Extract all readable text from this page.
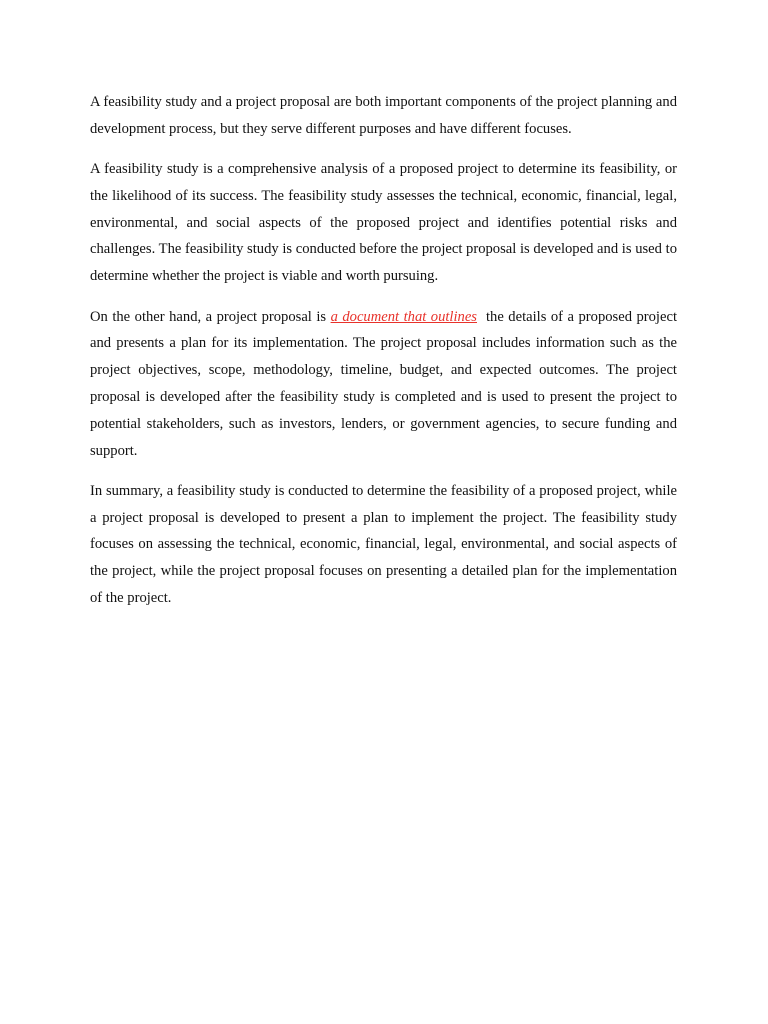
A feasibility study and a project proposal are both important components of the project planning and development process, but they serve different purposes and have different focuses.

A feasibility study is a comprehensive analysis of a proposed project to determine its feasibility, or the likelihood of its success. The feasibility study assesses the technical, economic, financial, legal, environmental, and social aspects of the proposed project and identifies potential risks and challenges. The feasibility study is conducted before the project proposal is developed and is used to determine whether the project is viable and worth pursuing.

On the other hand, a project proposal is a document that outlines  the details of a proposed project and presents a plan for its implementation. The project proposal includes information such as the project objectives, scope, methodology, timeline, budget, and expected outcomes. The project proposal is developed after the feasibility study is completed and is used to present the project to potential stakeholders, such as investors, lenders, or government agencies, to secure funding and support.

In summary, a feasibility study is conducted to determine the feasibility of a proposed project, while a project proposal is developed to present a plan to implement the project. The feasibility study focuses on assessing the technical, economic, financial, legal, environmental, and social aspects of the project, while the project proposal focuses on presenting a detailed plan for the implementation of the project.
